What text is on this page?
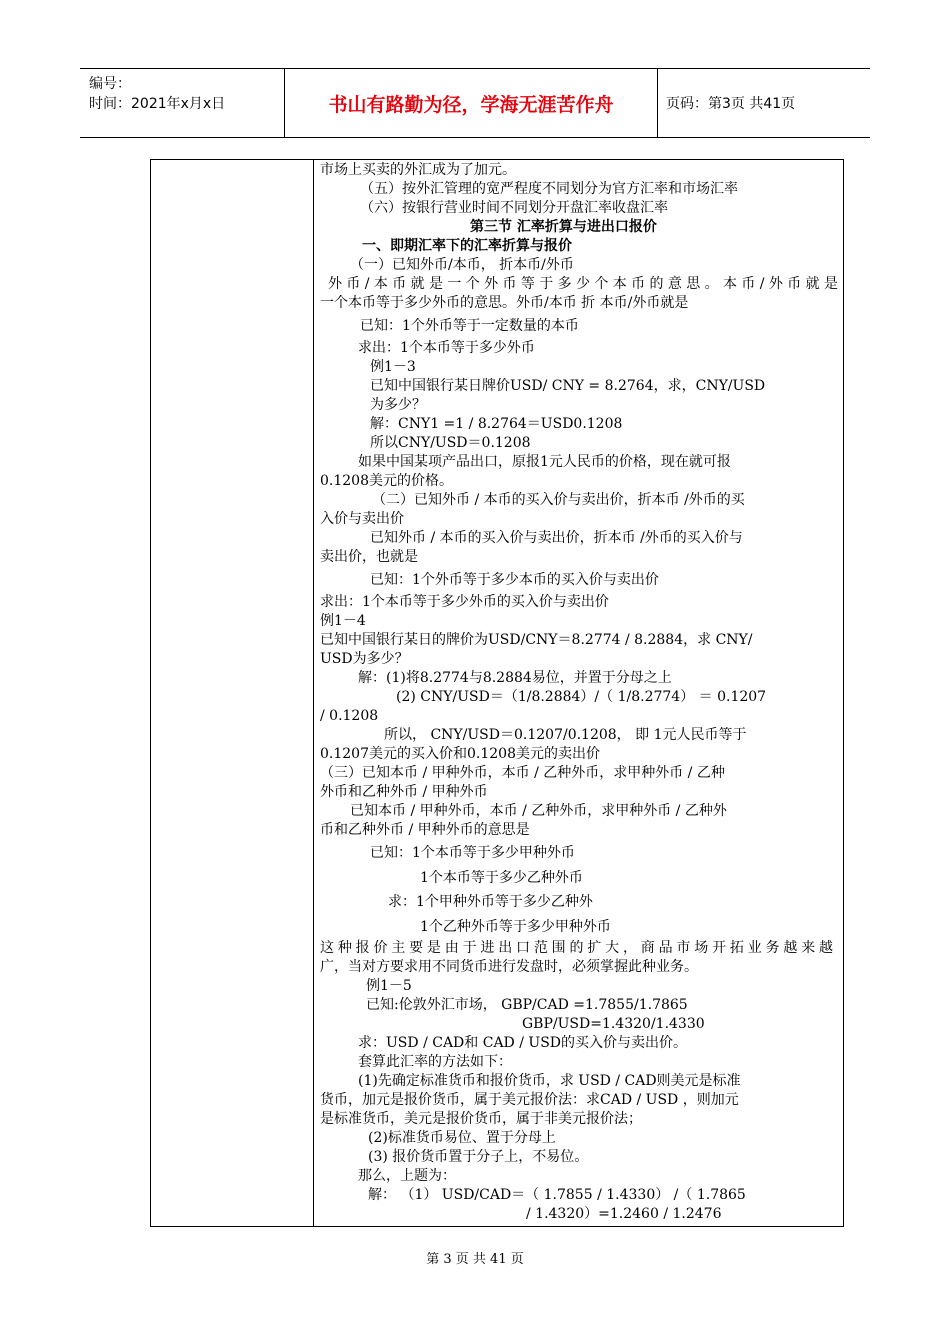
编号：
时间：2021年x月x日	书山有路勤为径，学海无涯苦作舟	页码：第3页 共41页
市场上买卖的外汇成为了加元。
（五）按外汇管理的宽严程度不同划分为官方汇率和市场汇率
（六）按银行营业时间不同划分开盘汇率收盘汇率
第三节 汇率折算与进出口报价
一、即期汇率下的汇率折算与报价
（一）已知外币/本币， 折本币/外币
外币/本币就是一个外币等于多少个本币的意思。本币/外币就是
一个本币等于多少外币的意思。外币/本币 折 本币/外币就是
已知：1个外币等于一定数量的本币
求出：1个本币等于多少外币
例1－3
已知中国银行某日牌价USD/ CNY = 8.2764，求，CNY/USD
为多少？
解：CNY1 =1 / 8.2764＝USD0.1208
所以CNY/USD＝0.1208
如果中国某项产品出口，原报1元人民币的价格，现在就可报
0.1208美元的价格。
（二）已知外币 / 本币的买入价与卖出价，折本币 /外币的买
入价与卖出价
已知外币 / 本币的买入价与卖出价，折本币 /外币的买入价与
卖出价，也就是
已知：1个外币等于多少本币的买入价与卖出价
求出：1个本币等于多少外币的买入价与卖出价
例1－4
已知中国银行某日的牌价为USD/CNY＝8.2774 / 8.2884，求 CNY/
USD为多少？
解：(1)将8.2774与8.2884易位，并置于分母之上
(2) CNY/USD＝（1/8.2884）/（ 1/8.2774） ＝ 0.1207
/ 0.1208
所以， CNY/USD＝0.1207/0.1208， 即 1元人民币等于
0.1207美元的买入价和0.1208美元的卖出价
（三）已知本币 / 甲种外币，本币 / 乙种外币，求甲种外币 / 乙种
外币和乙种外币 / 甲种外币
已知本币 / 甲种外币，本币 / 乙种外币，求甲种外币 / 乙种外
币和乙种外币 / 甲种外币的意思是
已知：1个本币等于多少甲种外币
1个本币等于多少乙种外币
求：1个甲种外币等于多少乙种外
1个乙种外币等于多少甲种外币
这种报价主要是由于进出口范围的扩大，商品市场开拓业务越来越
广，当对方要求用不同货币进行发盘时，必须掌握此种业务。
例1－5
已知:伦敦外汇市场， GBP/CAD =1.7855/1.7865
GBP/USD=1.4320/1.4330
求：USD / CAD和 CAD / USD的买入价与卖出价。
套算此汇率的方法如下：
(1)先确定标准货币和报价货币，求 USD / CAD则美元是标准
货币，加元是报价货币，属于美元报价法：求CAD / USD ，则加元
是标准货币，美元是报价货币，属于非美元报价法；
(2)标准货币易位、置于分母上
(3) 报价货币置于分子上，不易位。
那么，上题为：
解： （1） USD/CAD＝（ 1.7855 / 1.4330） /（ 1.7865
/ 1.4320）=1.2460 / 1.2476
第 3 页 共 41 页
